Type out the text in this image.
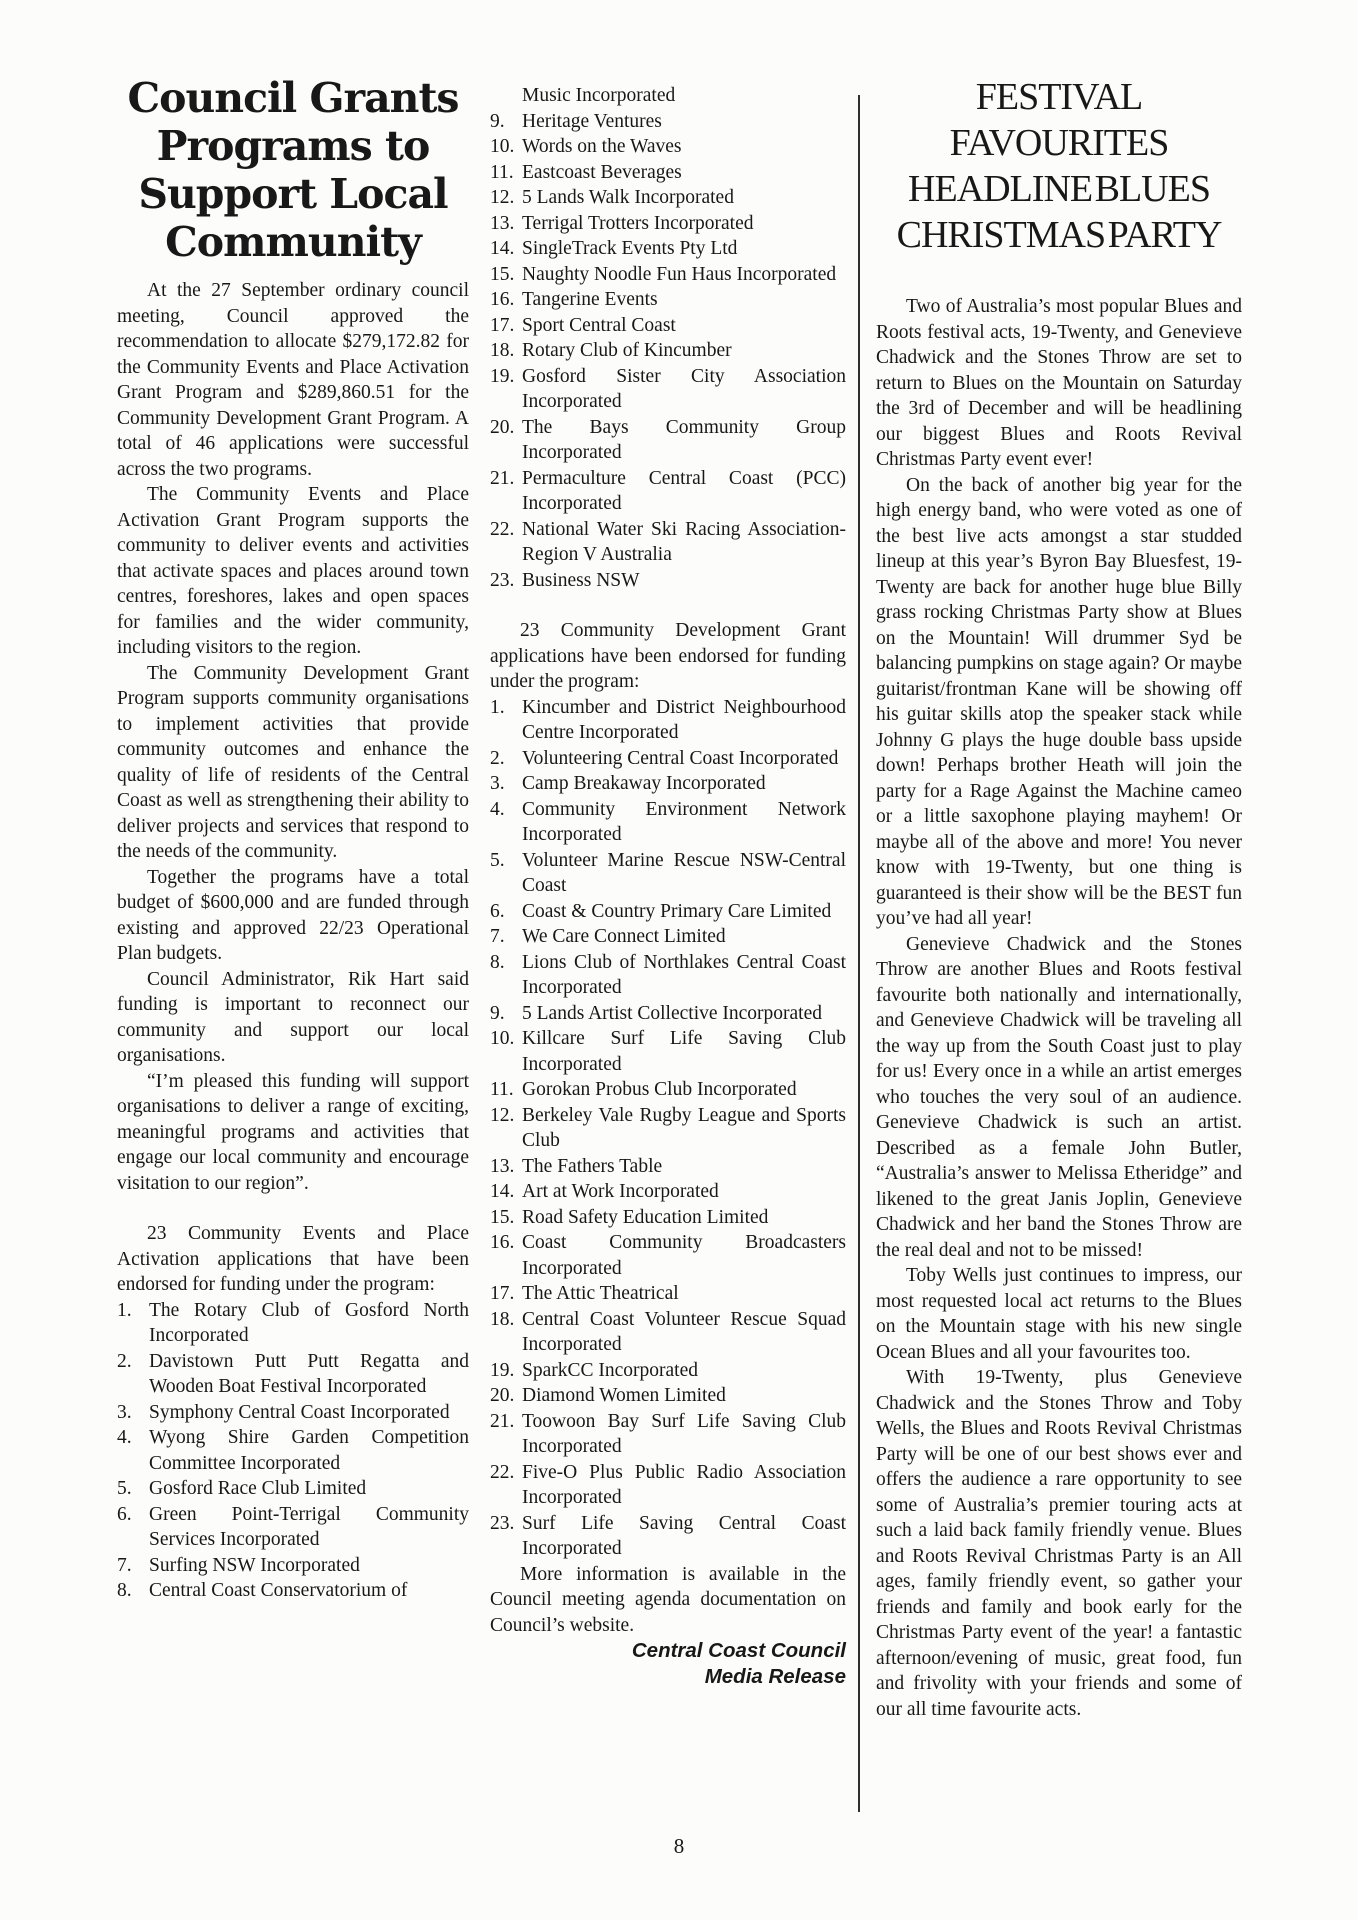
Council Grants
Programs to
Support Local
Community

At the 27 September ordinary council meeting, Council approved the recommendation to allocate $279,172.82 for the Community Events and Place Activation Grant Program and $289,860.51 for the Community Development Grant Program. A total of 46 applications were successful across the two programs.

The Community Events and Place Activation Grant Program supports the community to deliver events and activities that activate spaces and places around town centres, foreshores, lakes and open spaces for families and the wider community, including visitors to the region.

The Community Development Grant Program supports community organisations to implement activities that provide community outcomes and enhance the quality of life of residents of the Central Coast as well as strengthening their ability to deliver projects and services that respond to the needs of the community.

Together the programs have a total budget of $600,000 and are funded through existing and approved 22/23 Operational Plan budgets.

Council Administrator, Rik Hart said funding is important to reconnect our community and support our local organisations.

“I’m pleased this funding will support organisations to deliver a range of exciting, meaningful programs and activities that engage our local community and encourage visitation to our region”.

23 Community Events and Place Activation applications that have been endorsed for funding under the program:

1. The Rotary Club of Gosford North Incorporated
2. Davistown Putt Putt Regatta and Wooden Boat Festival Incorporated
3. Symphony Central Coast Incorporated
4. Wyong Shire Garden Competition Committee Incorporated
5. Gosford Race Club Limited
6. Green Point-Terrigal Community Services Incorporated
7. Surfing NSW Incorporated
8. Central Coast Conservatorium of
Music Incorporated
9. Heritage Ventures
10. Words on the Waves
11. Eastcoast Beverages
12. 5 Lands Walk Incorporated
13. Terrigal Trotters Incorporated
14. SingleTrack Events Pty Ltd
15. Naughty Noodle Fun Haus Incorporated
16. Tangerine Events
17. Sport Central Coast
18. Rotary Club of Kincumber
19. Gosford Sister City Association Incorporated
20. The Bays Community Group Incorporated
21. Permaculture Central Coast (PCC) Incorporated
22. National Water Ski Racing Association-Region V Australia
23. Business NSW

23 Community Development Grant applications have been endorsed for funding under the program:

1. Kincumber and District Neighbourhood Centre Incorporated
2. Volunteering Central Coast Incorporated
3. Camp Breakaway Incorporated
4. Community Environment Network Incorporated
5. Volunteer Marine Rescue NSW-Central Coast
6. Coast & Country Primary Care Limited
7. We Care Connect Limited
8. Lions Club of Northlakes Central Coast Incorporated
9. 5 Lands Artist Collective Incorporated
10. Killcare Surf Life Saving Club Incorporated
11. Gorokan Probus Club Incorporated
12. Berkeley Vale Rugby League and Sports Club
13. The Fathers Table
14. Art at Work Incorporated
15. Road Safety Education Limited
16. Coast Community Broadcasters Incorporated
17. The Attic Theatrical
18. Central Coast Volunteer Rescue Squad Incorporated
19. SparkCC Incorporated
20. Diamond Women Limited
21. Toowoon Bay Surf Life Saving Club Incorporated
22. Five-O Plus Public Radio Association Incorporated
23. Surf Life Saving Central Coast Incorporated

More information is available in the Council meeting agenda documentation on Council’s website.

Central Coast Council
Media Release
FESTIVAL
FAVOURITES
HEADLINE BLUES
CHRISTMAS PARTY

Two of Australia’s most popular Blues and Roots festival acts, 19-Twenty, and Genevieve Chadwick and the Stones Throw are set to return to Blues on the Mountain on Saturday the 3rd of December and will be headlining our biggest Blues and Roots Revival Christmas Party event ever!

On the back of another big year for the high energy band, who were voted as one of the best live acts amongst a star studded lineup at this year’s Byron Bay Bluesfest, 19-Twenty are back for another huge blue Billy grass rocking Christmas Party show at Blues on the Mountain! Will drummer Syd be balancing pumpkins on stage again? Or maybe guitarist/frontman Kane will be showing off his guitar skills atop the speaker stack while Johnny G plays the huge double bass upside down! Perhaps brother Heath will join the party for a Rage Against the Machine cameo or a little saxophone playing mayhem! Or maybe all of the above and more! You never know with 19-Twenty, but one thing is guaranteed is their show will be the BEST fun you’ve had all year!

Genevieve Chadwick and the Stones Throw are another Blues and Roots festival favourite both nationally and internationally, and Genevieve Chadwick will be traveling all the way up from the South Coast just to play for us! Every once in a while an artist emerges who touches the very soul of an audience. Genevieve Chadwick is such an artist. Described as a female John Butler, “Australia’s answer to Melissa Etheridge” and likened to the great Janis Joplin, Genevieve Chadwick and her band the Stones Throw are the real deal and not to be missed!

Toby Wells just continues to impress, our most requested local act returns to the Blues on the Mountain stage with his new single Ocean Blues and all your favourites too.

With 19-Twenty, plus Genevieve Chadwick and the Stones Throw and Toby Wells, the Blues and Roots Revival Christmas Party will be one of our best shows ever and offers the audience a rare opportunity to see some of Australia’s premier touring acts at such a laid back family friendly venue. Blues and Roots Revival Christmas Party is an All ages, family friendly event, so gather your friends and family and book early for the Christmas Party event of the year! a fantastic afternoon/evening of music, great food, fun and frivolity with your friends and some of our all time favourite acts.

8
